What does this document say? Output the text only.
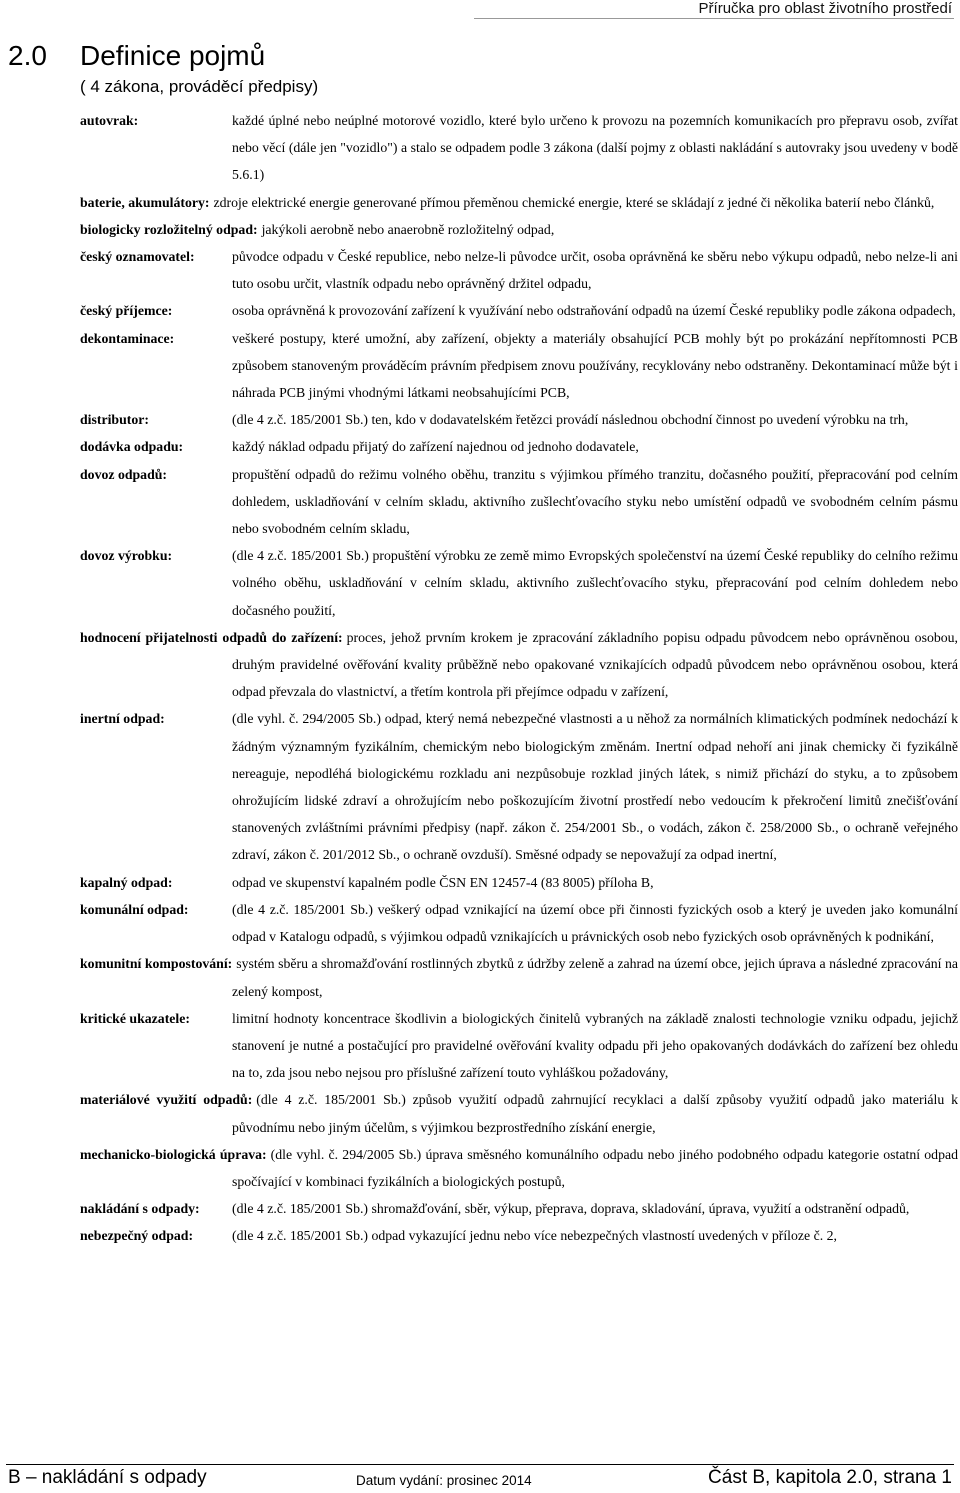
Příručka pro oblast životního prostředí
2.0 Definice pojmů
( 4 zákona, prováděcí předpisy)
autovrak:	každé úplné nebo neúplné motorové vozidlo, které bylo určeno k provozu na pozemních komunikacích pro přepravu osob, zvířat nebo věcí (dále jen "vozidlo") a stalo se odpadem podle 3 zákona (další pojmy z oblasti nakládání s autovraky jsou uvedeny v bodě 5.6.1)
baterie, akumulátory: zdroje elektrické energie generované přímou přeměnou chemické energie, které se skládají z jedné či několika baterií nebo článků,
biologicky rozložitelný odpad: jakýkoli aerobně nebo anaerobně rozložitelný odpad,
český oznamovatel:	původce odpadu v České republice, nebo nelze-li původce určit, osoba oprávněná ke sběru nebo výkupu odpadů, nebo nelze-li ani tuto osobu určit, vlastník odpadu nebo oprávněný držitel odpadu,
český příjemce:	osoba oprávněná k provozování zařízení k využívání nebo odstraňování odpadů na území České republiky podle zákona odpadech,
dekontaminace:	veškeré postupy, které umožní, aby zařízení, objekty a materiály obsahující PCB mohly být po prokázání nepřítomnosti PCB způsobem stanoveným prováděcím právním předpisem znovu používány, recyklovány nebo odstraněny. Dekontaminací může být i náhrada PCB jinými vhodnými látkami neobsahujícími PCB,
distributor:	(dle 4 z.č. 185/2001 Sb.) ten, kdo v dodavatelském řetězci provádí následnou obchodní činnost po uvedení výrobku na trh,
dodávka odpadu:	každý náklad odpadu přijatý do zařízení najednou od jednoho dodavatele,
dovoz odpadů:	propuštění odpadů do režimu volného oběhu, tranzitu s výjimkou přímého tranzitu, dočasného použití, přepracování pod celním dohledem, uskladňování v celním skladu, aktivního zušlechťovacího styku nebo umístění odpadů ve svobodném celním pásmu nebo svobodném celním skladu,
dovoz výrobku:	(dle 4 z.č. 185/2001 Sb.) propuštění výrobku ze země mimo Evropských společenství na území České republiky do celního režimu volného oběhu, uskladňování v celním skladu, aktivního zušlechťovacího styku, přepracování pod celním dohledem nebo dočasného použití,
hodnocení přijatelnosti odpadů do zařízení: proces, jehož prvním krokem je zpracování základního popisu odpadu původcem nebo oprávněnou osobou, druhým pravidelné ověřování kvality průběžně nebo opakované vznikajících odpadů původcem nebo oprávněnou osobou, která odpad převzala do vlastnictví, a třetím kontrola při přejímce odpadu v zařízení,
inertní odpad:	(dle vyhl. č. 294/2005 Sb.) odpad, který nemá nebezpečné vlastnosti a u něhož za normálních klimatických podmínek nedochází k žádným významným fyzikálním, chemickým nebo biologickým změnám. Inertní odpad nehoří ani jinak chemicky či fyzikálně nereaguje, nepodléhá biologickému rozkladu ani nezpůsobuje rozklad jiných látek, s nimiž přichází do styku, a to způsobem ohrožujícím lidské zdraví a ohrožujícím nebo poškozujícím životní prostředí nebo vedoucím k překročení limitů znečišťování stanovených zvláštními právními předpisy (např. zákon č. 254/2001 Sb., o vodách, zákon č. 258/2000 Sb., o ochraně veřejného zdraví, zákon č. 201/2012 Sb., o ochraně ovzduší). Směsné odpady se nepovažují za odpad inertní,
kapalný odpad:	odpad ve skupenství kapalném podle ČSN EN 12457-4 (83 8005) příloha B,
komunální odpad:	(dle 4 z.č. 185/2001 Sb.) veškerý odpad vznikající na území obce při činnosti fyzických osob a který je uveden jako komunální odpad v Katalogu odpadů, s výjimkou odpadů vznikajících u právnických osob nebo fyzických osob oprávněných k podnikání,
komunitní kompostování: systém sběru a shromažďování rostlinných zbytků z údržby zeleně a zahrad na území obce, jejich úprava a následné zpracování na zelený kompost,
kritické ukazatele:	limitní hodnoty koncentrace škodlivin a biologických činitelů vybraných na základě znalosti technologie vzniku odpadu, jejichž stanovení je nutné a postačující pro pravidelné ověřování kvality odpadu při jeho opakovaných dodávkách do zařízení bez ohledu na to, zda jsou nebo nejsou pro příslušné zařízení touto vyhláškou požadovány,
materiálové využití odpadů: (dle 4 z.č. 185/2001 Sb.) způsob využití odpadů zahrnující recyklaci a další způsoby využití odpadů jako materiálu k původnímu nebo jiným účelům, s výjimkou bezprostředního získání energie,
mechanicko-biologická úprava: (dle vyhl. č. 294/2005 Sb.) úprava směsného komunálního odpadu nebo jiného podobného odpadu kategorie ostatní odpad spočívající v kombinaci fyzikálních a biologických postupů,
nakládání s odpady: (dle 4 z.č. 185/2001 Sb.) shromažďování, sběr, výkup, přeprava, doprava, skladování, úprava, využití a odstranění odpadů,
nebezpečný odpad:	(dle 4 z.č. 185/2001 Sb.) odpad vykazující jednu nebo více nebezpečných vlastností uvedených v příloze č. 2,
B – nakládání s odpady	Datum vydání: prosinec 2014	Část B, kapitola 2.0, strana 1
